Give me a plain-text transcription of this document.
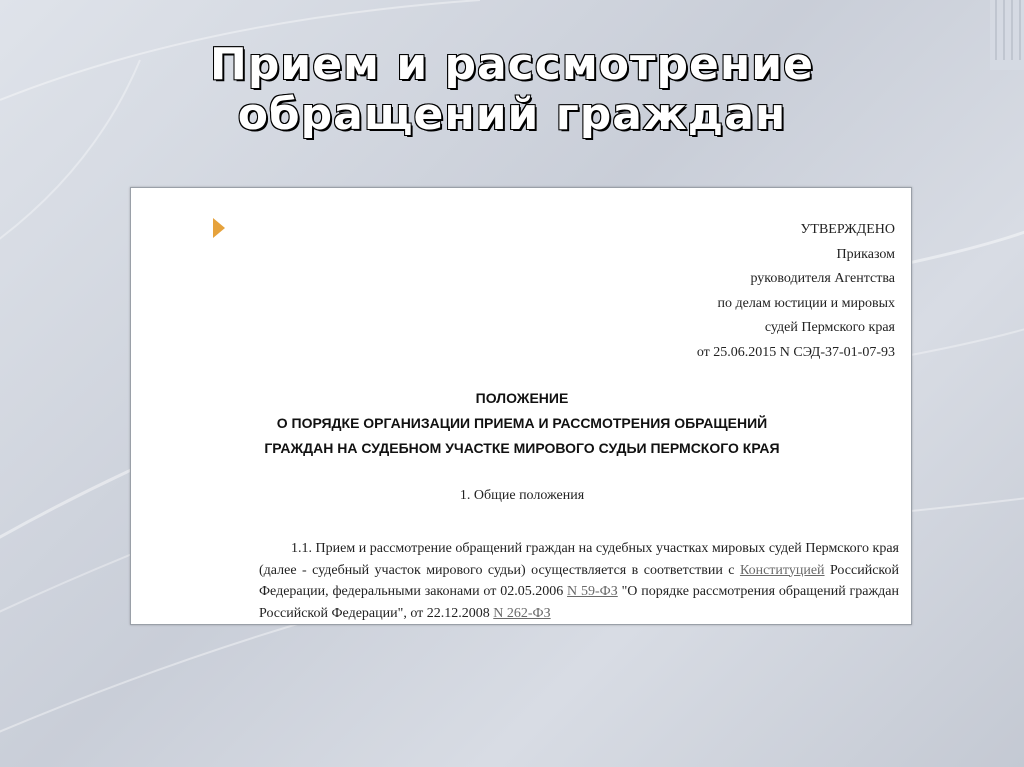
Прием и рассмотрение
обращений граждан
УТВЕРЖДЕНО
Приказом
руководителя Агентства
по делам юстиции и мировых
судей Пермского края
от 25.06.2015 N СЭД-37-01-07-93
ПОЛОЖЕНИЕ
О ПОРЯДКЕ ОРГАНИЗАЦИИ ПРИЕМА И РАССМОТРЕНИЯ ОБРАЩЕНИЙ
ГРАЖДАН НА СУДЕБНОМ УЧАСТКЕ МИРОВОГО СУДЬИ ПЕРМСКОГО КРАЯ
1. Общие положения
1.1. Прием и рассмотрение обращений граждан на судебных участках мировых судей Пермского края (далее - судебный участок мирового судьи) осуществляется в соответствии с Конституцией Российской Федерации, федеральными законами от 02.05.2006 N 59-ФЗ "О порядке рассмотрения обращений граждан Российской Федерации", от 22.12.2008 N 262-ФЗ
